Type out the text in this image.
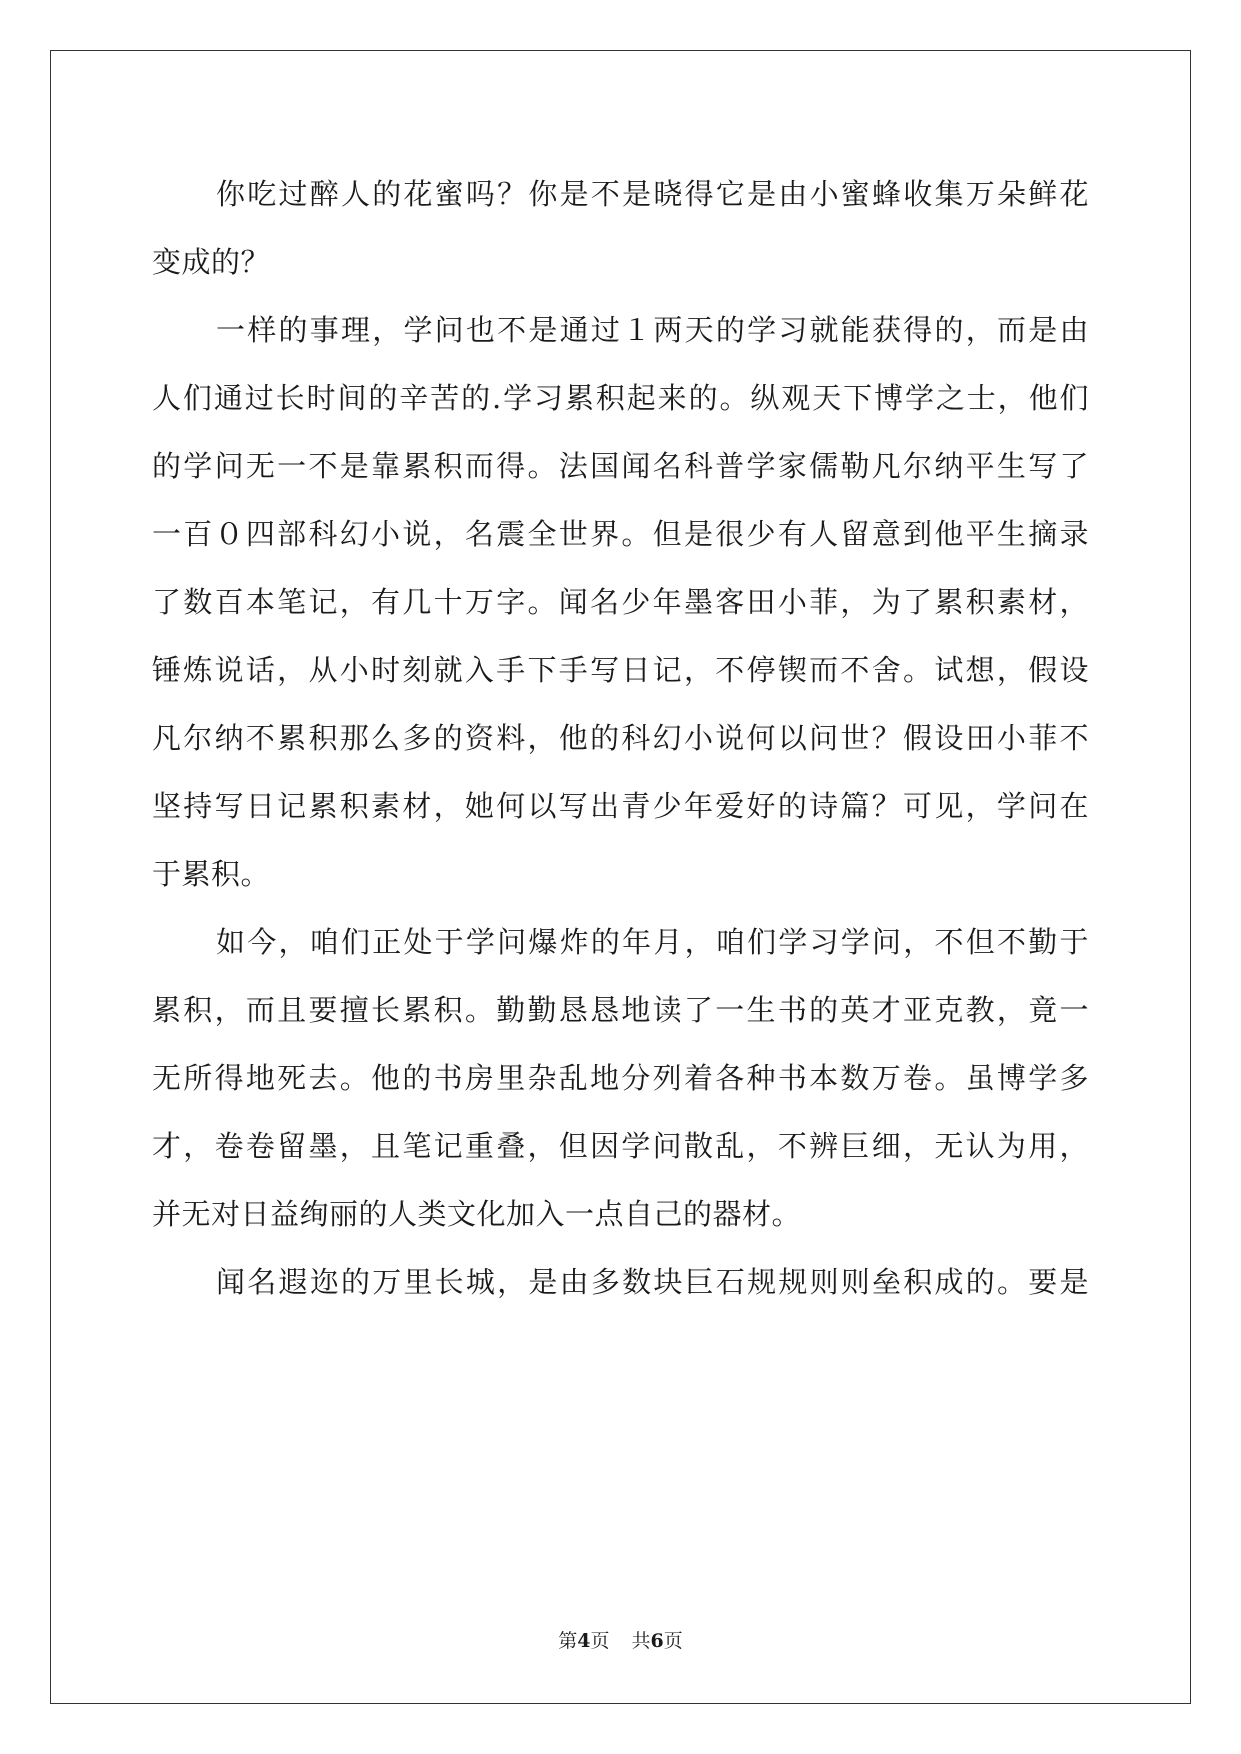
你吃过醉人的花蜜吗？你是不是晓得它是由小蜜蜂收集万朵鲜花
变成的？
一样的事理，学问也不是通过１两天的学习就能获得的，而是由
人们通过长时间的辛苦的.学习累积起来的。纵观天下博学之士，他们
的学问无一不是靠累积而得。法国闻名科普学家儒勒凡尔纳平生写了
一百０四部科幻小说，名震全世界。但是很少有人留意到他平生摘录
了数百本笔记，有几十万字。闻名少年墨客田小菲，为了累积素材，
锤炼说话，从小时刻就入手下手写日记，不停锲而不舍。试想，假设
凡尔纳不累积那么多的资料，他的科幻小说何以问世？假设田小菲不
坚持写日记累积素材，她何以写出青少年爱好的诗篇？可见，学问在
于累积。
如今，咱们正处于学问爆炸的年月，咱们学习学问，不但不勤于
累积，而且要擅长累积。勤勤恳恳地读了一生书的英才亚克教，竟一
无所得地死去。他的书房里杂乱地分列着各种书本数万卷。虽博学多
才，卷卷留墨，且笔记重叠，但因学问散乱，不辨巨细，无认为用，
并无对日益绚丽的人类文化加入一点自己的器材。
闻名遐迩的万里长城，是由多数块巨石规规则则垒积成的。要是
第4页 共6页
